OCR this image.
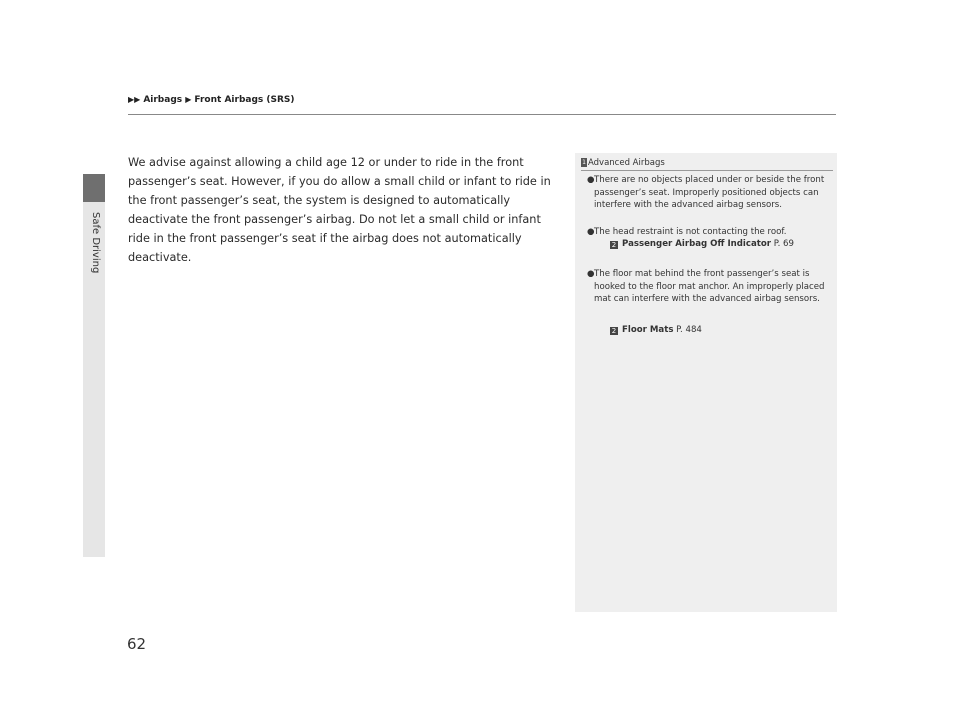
Safe Driving
▶▶ Airbags ▶ Front Airbags (SRS)
We advise against allowing a child age 12 or under to ride in the front passenger’s seat. However, if you do allow a small child or infant to ride in the front passenger’s seat, the system is designed to automatically deactivate the front passenger’s airbag. Do not let a small child or infant ride in the front passenger’s seat if the airbag does not automatically deactivate.
1 Advanced Airbags
● There are no objects placed under or beside the front passenger’s seat. Improperly positioned objects can interfere with the advanced airbag sensors.
● The head restraint is not contacting the roof.
2 Passenger Airbag Off Indicator P. 69
● The floor mat behind the front passenger’s seat is hooked to the floor mat anchor. An improperly placed mat can interfere with the advanced airbag sensors.
2 Floor Mats P. 484
62
